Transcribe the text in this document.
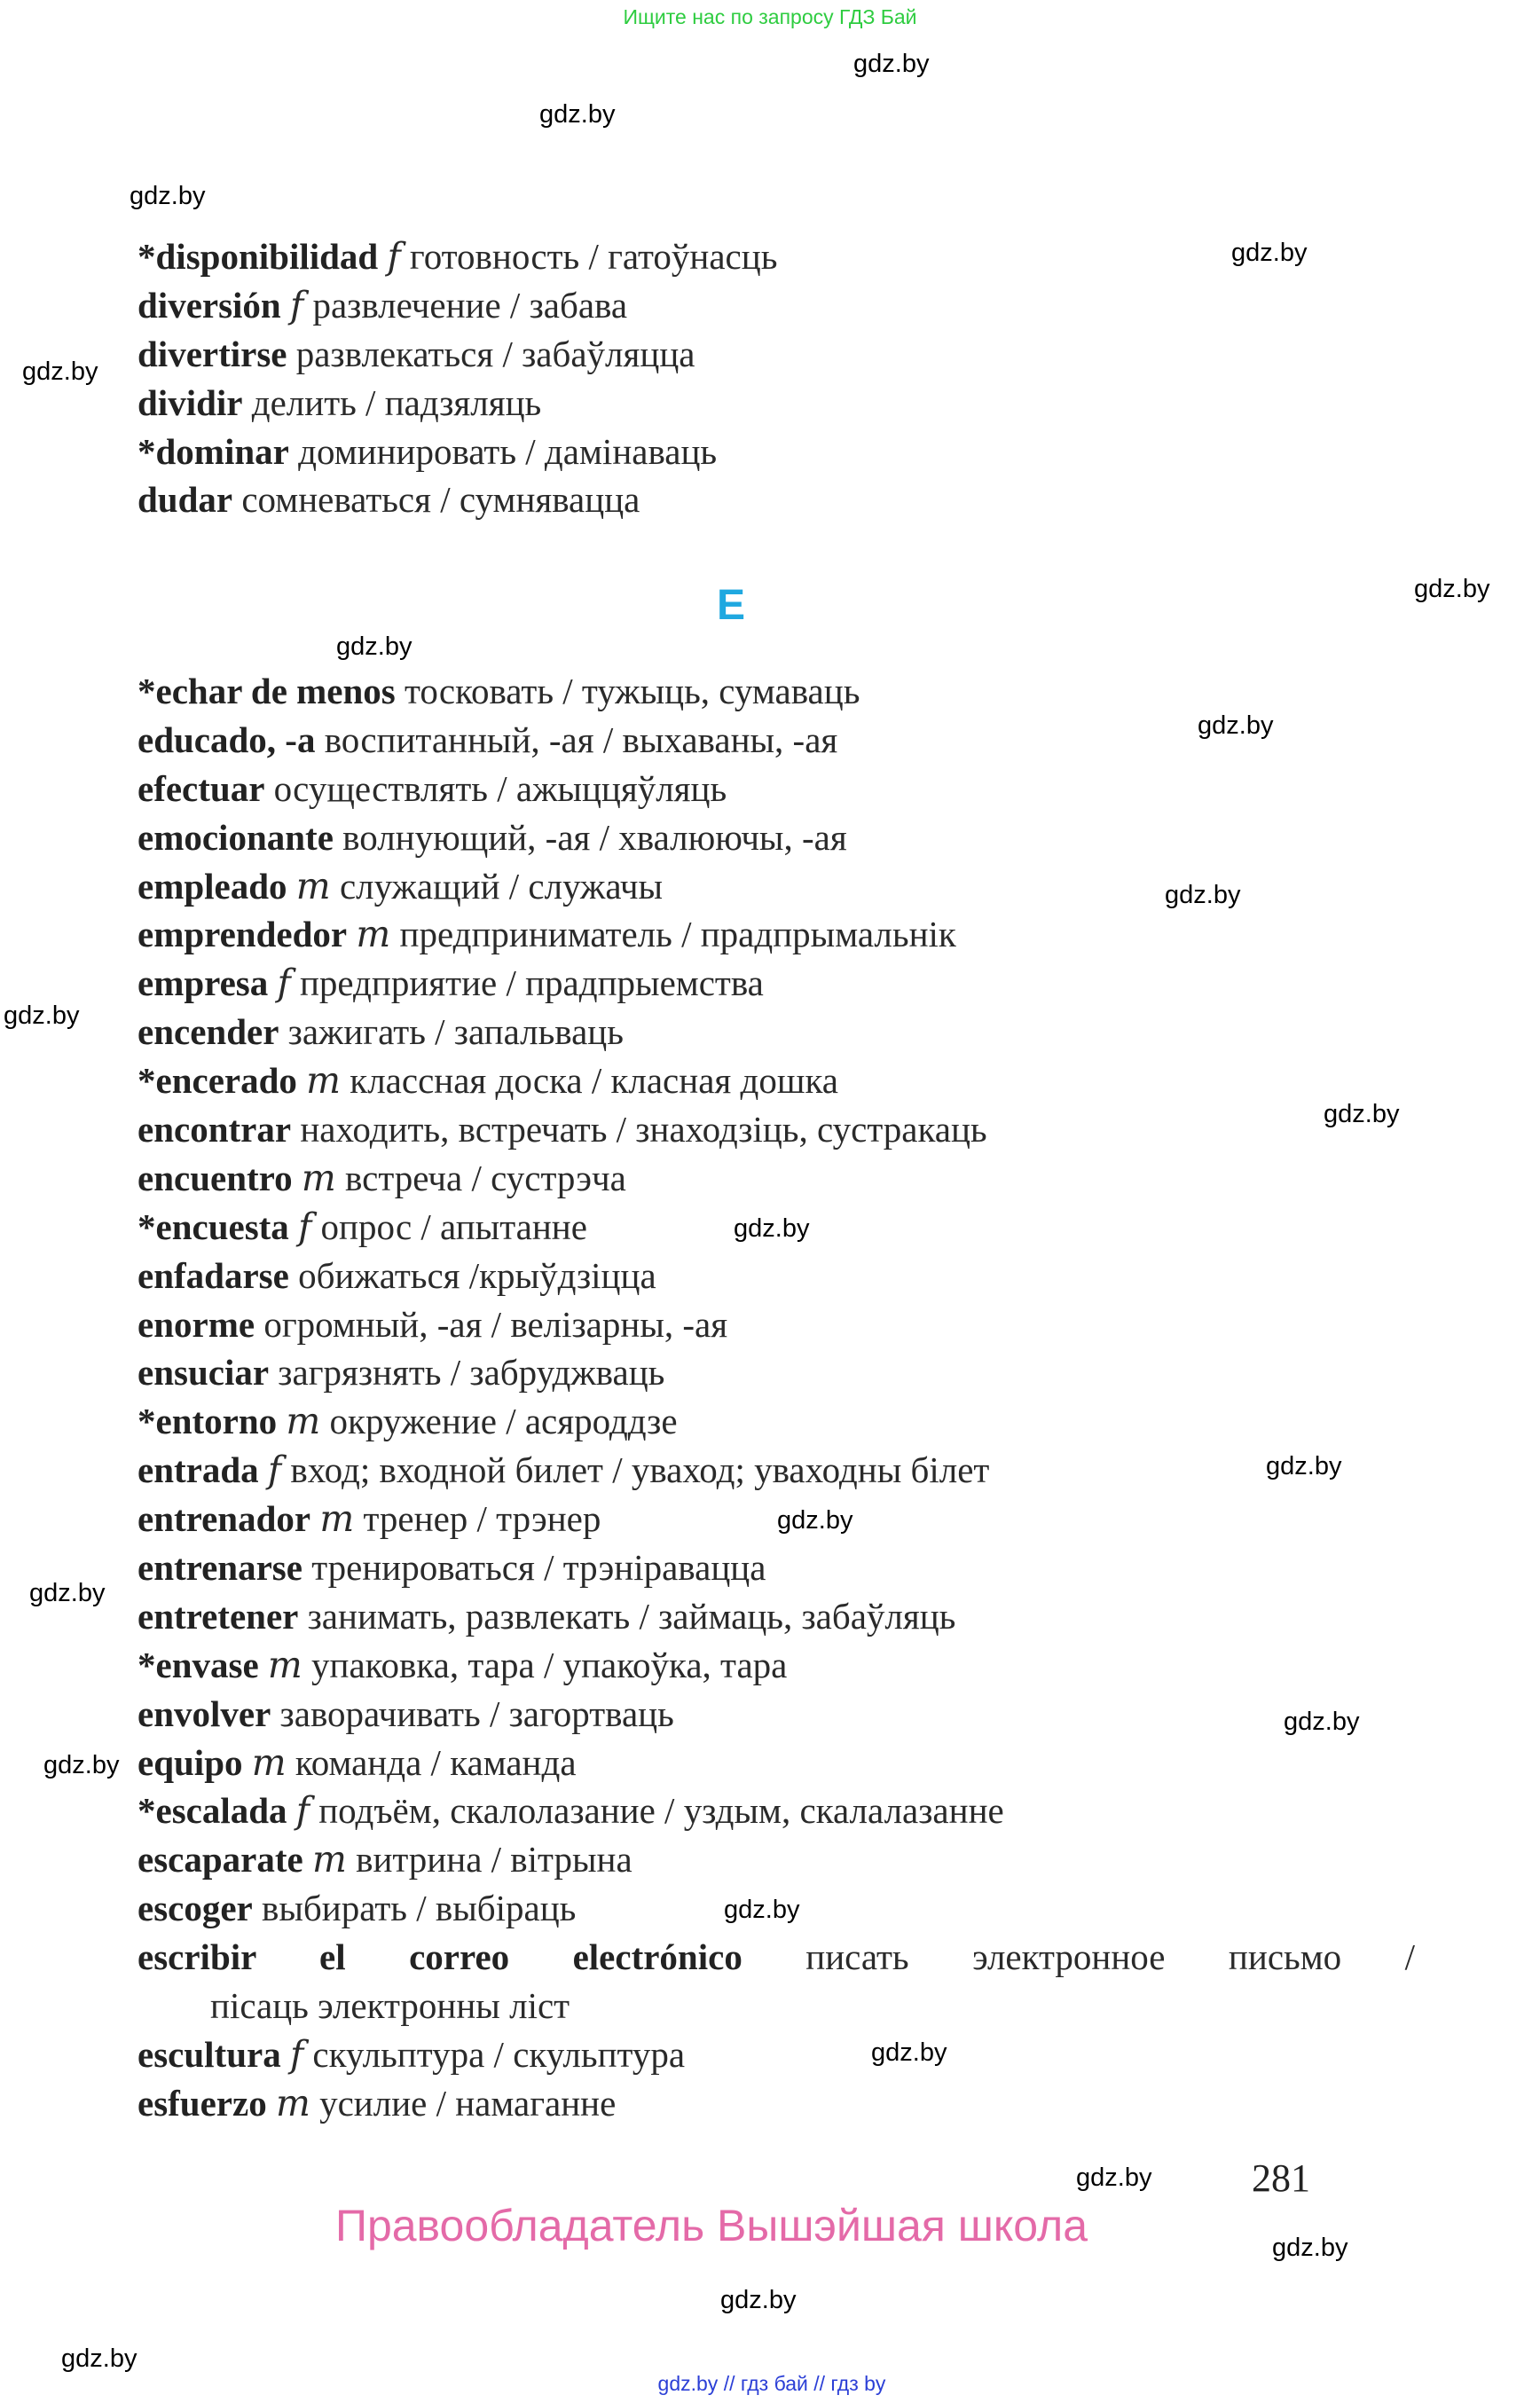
Ищите нас по запросу ГДЗ Бай
gdz.by
gdz.by
gdz.by
gdz.by
gdz.by
gdz.by
gdz.by
gdz.by
gdz.by
gdz.by
gdz.by
gdz.by
gdz.by
gdz.by
gdz.by
gdz.by
gdz.by
gdz.by
gdz.by
gdz.by
gdz.by
gdz.by
gdz.by
*disponibilidad f готовность / гатоўнасць
diversión f развлечение / забава
divertirse развлекаться / забаўляцца
dividir делить / падзяляць
*dominar доминировать / дамінаваць
dudar сомневаться / сумнявацца
E
*echar de menos тосковать / тужыць, сумаваць
educado, -a воспитанный, -ая / выхаваны, -ая
efectuar осуществлять / ажыццяўляць
emocionante волнующий, -ая / хвалюючы, -ая
empleado m служащий / служачы
emprendedor m предприниматель / прадпрымальнік
empresa f предприятие / прадпрыемства
encender зажигать / запальваць
*encerado m классная доска / класная дошка
encontrar находить, встречать / знаходзіць, сустракаць
encuentro m встреча / сустрэча
*encuesta f опрос / апытанне
enfadarse обижаться /крыўдзіцца
enorme огромный, -ая / велізарны, -ая
ensuciar загрязнять / забруджваць
*entorno m окружение / асяроддзе
entrada f вход; входной билет / уваход; уваходны білет
entrenador m тренер / трэнер
entrenarse тренироваться / трэніравацца
entretener занимать, развлекать / займаць, забаўляць
*envase m упаковка, тара / упакоўка, тара
envolver заворачивать / загортваць
equipo m команда / каманда
*escalada f подъём, скалолазание / уздым, скалалазанне
escaparate m витрина / вітрына
escoger выбирать / выбіраць
escribir el correo electrónico писать электронное письмо /
пісаць электронны ліст
escultura f скульптура / скульптура
esfuerzo m усилие / намаганне
281
Правообладатель Вышэйшая школа
gdz.by // гдз бай // гдз by
